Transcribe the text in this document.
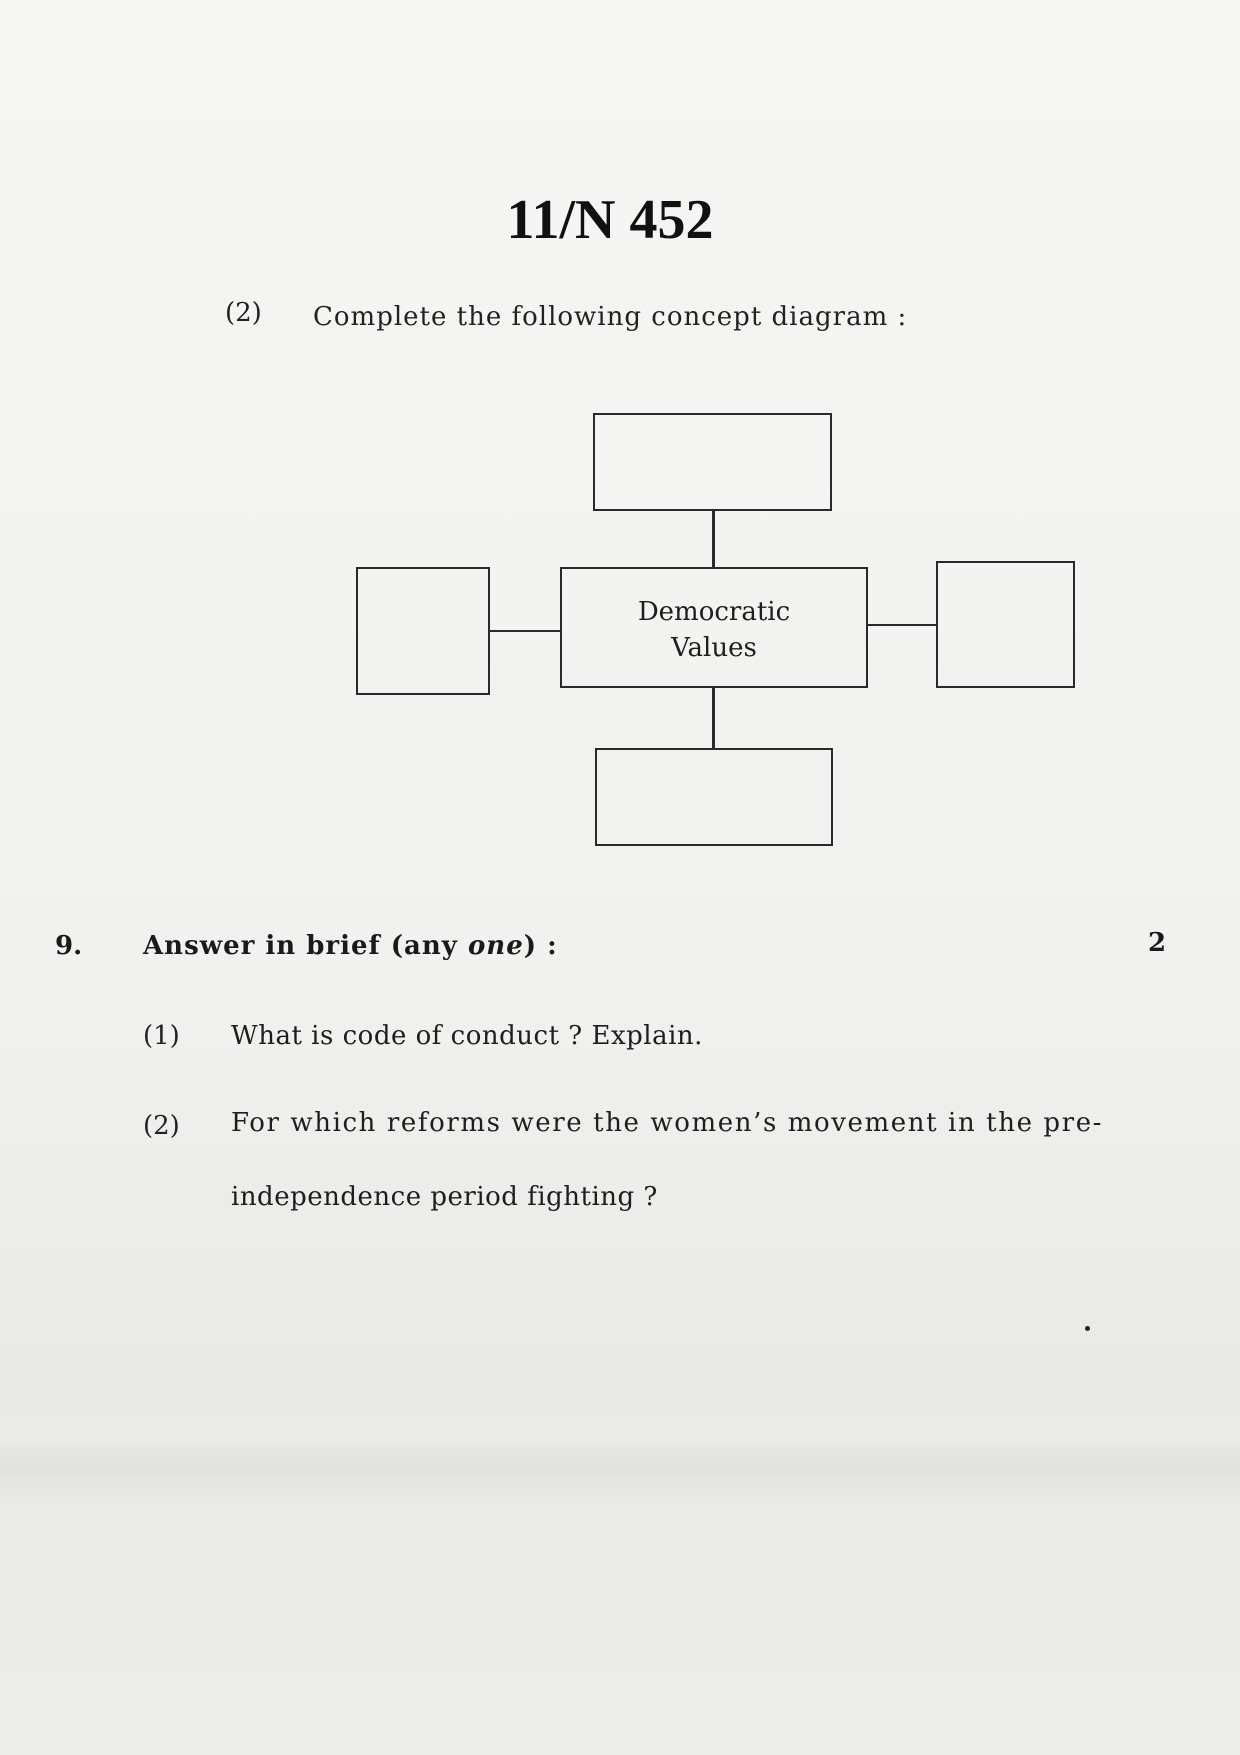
11/N 452
(2) Complete the following concept diagram :
Democratic
Values
9. Answer in brief (any one) :	2
(1) What is code of conduct ? Explain.
(2) For which reforms were the women’s movement in the pre-
independence period fighting ?
